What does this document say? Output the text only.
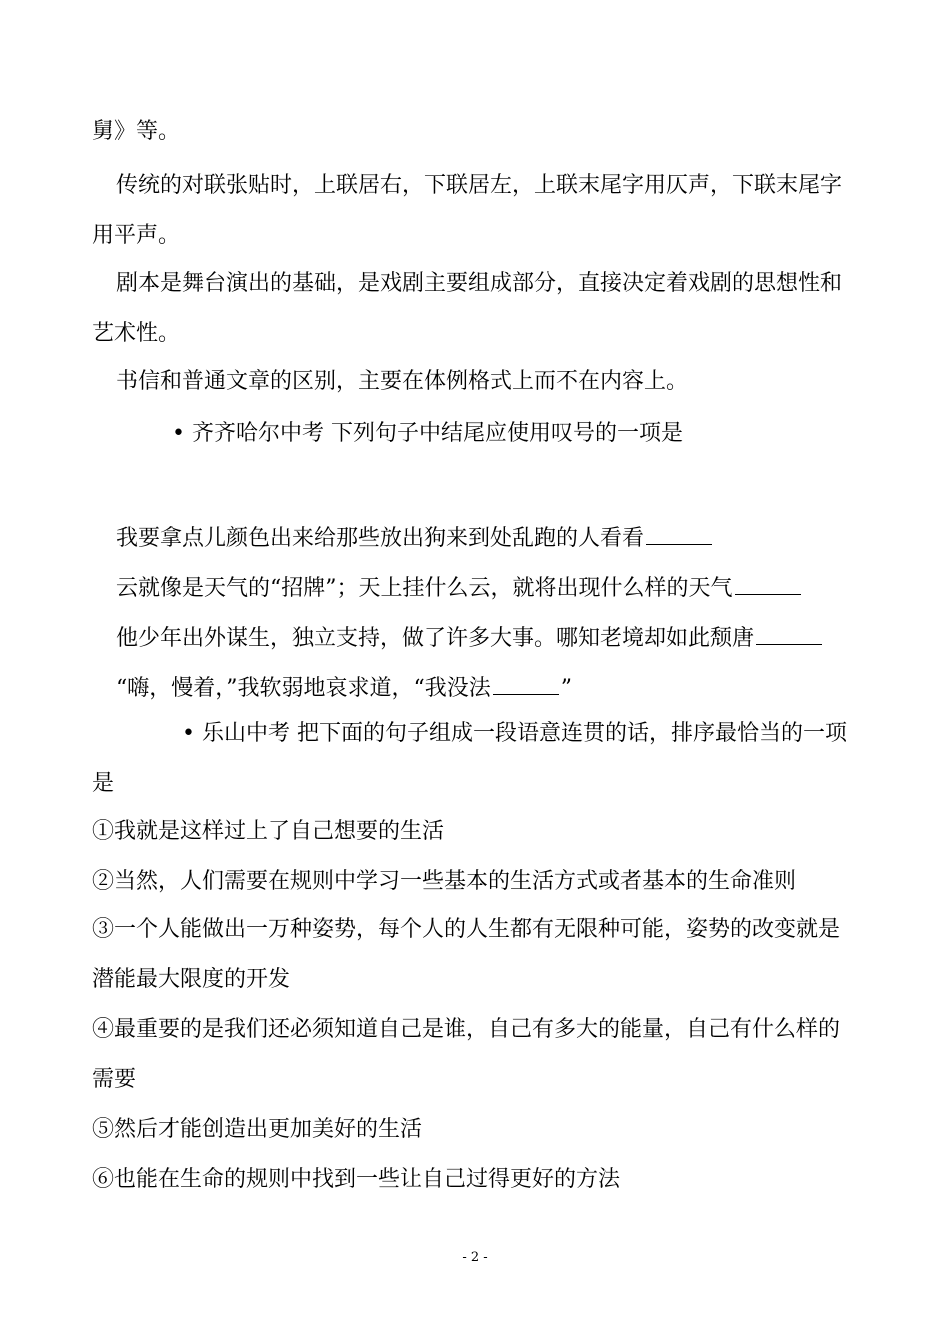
舅》等。
传统的对联张贴时，上联居右，下联居左，上联末尾字用仄声，下联末尾字
用平声。
剧本是舞台演出的基础，是戏剧主要组成部分，直接决定着戏剧的思想性和
艺术性。
书信和普通文章的区别，主要在体例格式上而不在内容上。
• 齐齐哈尔中考 下列句子中结尾应使用叹号的一项是
我要拿点儿颜色出来给那些放出狗来到处乱跑的人看看
云就像是天气的“招牌”；天上挂什么云，就将出现什么样的天气
他少年出外谋生，独立支持，做了许多大事。哪知老境却如此颓唐
“嗨，慢着，”我软弱地哀求道，“我没法	”
• 乐山中考 把下面的句子组成一段语意连贯的话，排序最恰当的一项
是
①我就是这样过上了自己想要的生活
②当然，人们需要在规则中学习一些基本的生活方式或者基本的生命准则
③一个人能做出一万种姿势，每个人的人生都有无限种可能，姿势的改变就是
潜能最大限度的开发
④最重要的是我们还必须知道自己是谁，自己有多大的能量，自己有什么样的
需要
⑤然后才能创造出更加美好的生活
⑥也能在生命的规则中找到一些让自己过得更好的方法
- 2 -
